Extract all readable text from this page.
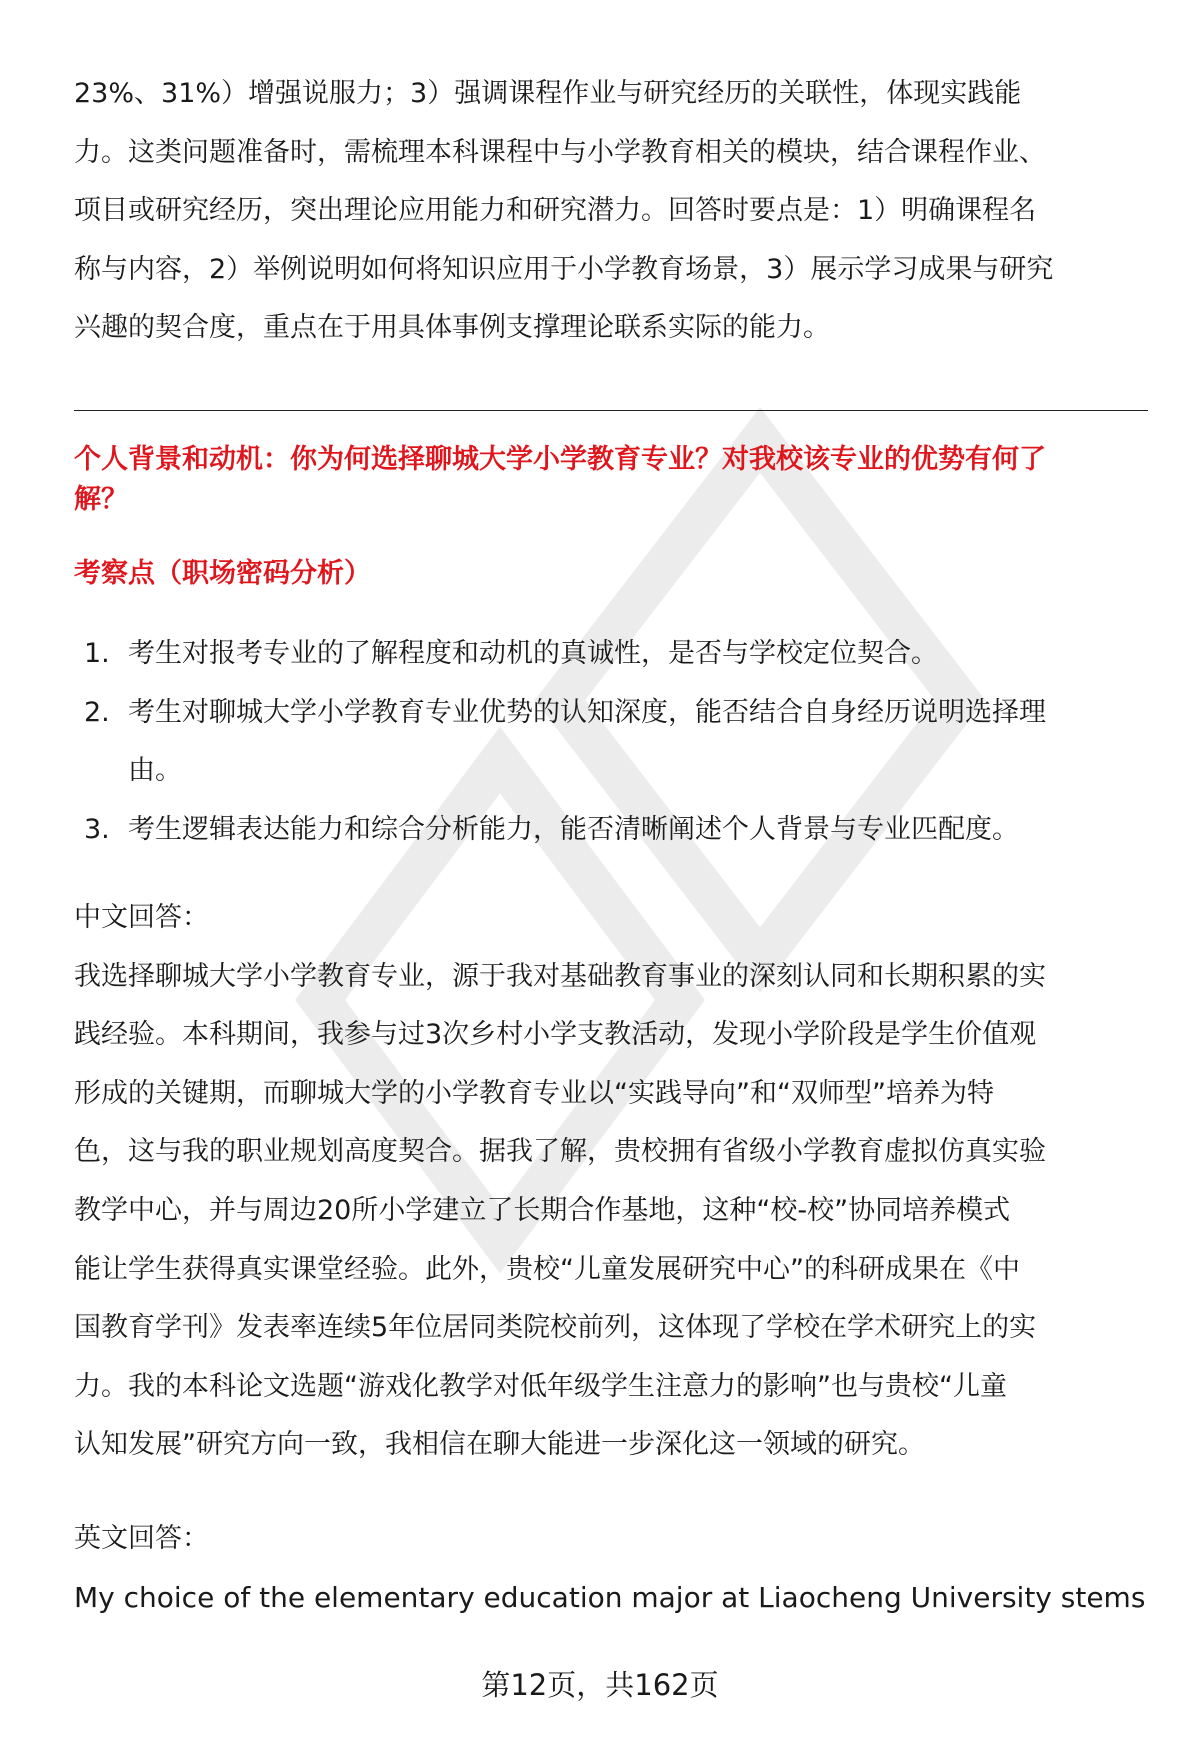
23%、31%）增强说服力；3）强调课程作业与研究经历的关联性，体现实践能
力。这类问题准备时，需梳理本科课程中与小学教育相关的模块，结合课程作业、
项目或研究经历，突出理论应用能力和研究潜力。回答时要点是：1）明确课程名
称与内容，2）举例说明如何将知识应用于小学教育场景，3）展示学习成果与研究
兴趣的契合度，重点在于用具体事例支撑理论联系实际的能力。
个人背景和动机：你为何选择聊城大学小学教育专业？对我校该专业的优势有何了
解？
考察点（职场密码分析）
1. 考生对报考专业的了解程度和动机的真诚性，是否与学校定位契合。
2. 考生对聊城大学小学教育专业优势的认知深度，能否结合自身经历说明选择理
由。
3. 考生逻辑表达能力和综合分析能力，能否清晰阐述个人背景与专业匹配度。
中文回答：
我选择聊城大学小学教育专业，源于我对基础教育事业的深刻认同和长期积累的实
践经验。本科期间，我参与过3次乡村小学支教活动，发现小学阶段是学生价值观
形成的关键期，而聊城大学的小学教育专业以“实践导向”和“双师型”培养为特
色，这与我的职业规划高度契合。据我了解，贵校拥有省级小学教育虚拟仿真实验
教学中心，并与周边20所小学建立了长期合作基地，这种“校-校”协同培养模式
能让学生获得真实课堂经验。此外，贵校“儿童发展研究中心”的科研成果在《中
国教育学刊》发表率连续5年位居同类院校前列，这体现了学校在学术研究上的实
力。我的本科论文选题“游戏化教学对低年级学生注意力的影响”也与贵校“儿童
认知发展”研究方向一致，我相信在聊大能进一步深化这一领域的研究。
英文回答：
My choice of the elementary education major at Liaocheng University stems
第12页，共162页
